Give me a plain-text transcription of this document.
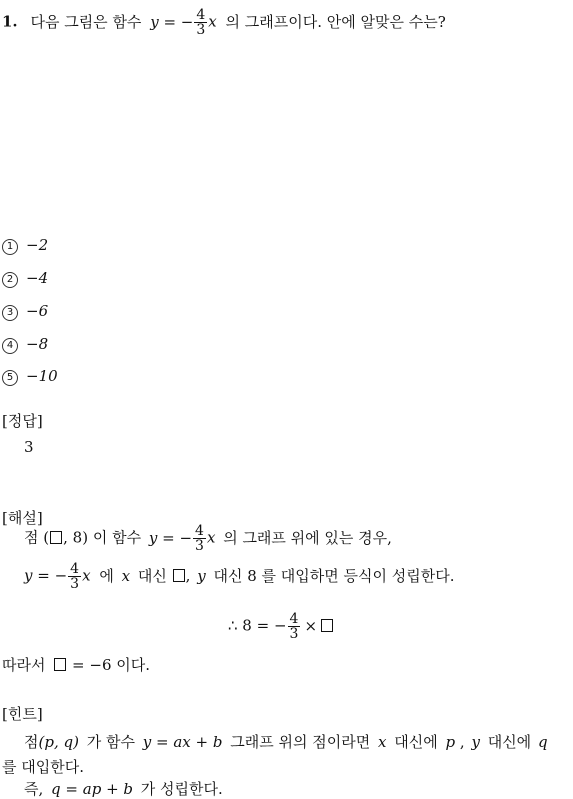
1. 다음 그림은 함수 y = − $\frac{4}{3}$ x 의 그래프이다. 안에 알맞은 수는?
1 −2
2 −4
3 −6
4 −8
5 −10
[정답]
3
[해설]
점 ( , 8) 이 함수 y = − $\frac{4}{3}$ x 의 그래프 위에 있는 경우,
y = − $\frac{4}{3}$ x 에 x 대신 , y 대신 8 를 대입하면 등식이 성립한다.
∴ 8 = − $\frac{4}{3}$ ×
따라서 = −6 이다.
[힌트]
점(p, q) 가 함수 y = ax + b 그래프 위의 점이라면 x 대신에 p , y 대신에 q
를 대입한다.
즉, q = ap + b 가 성립한다.
